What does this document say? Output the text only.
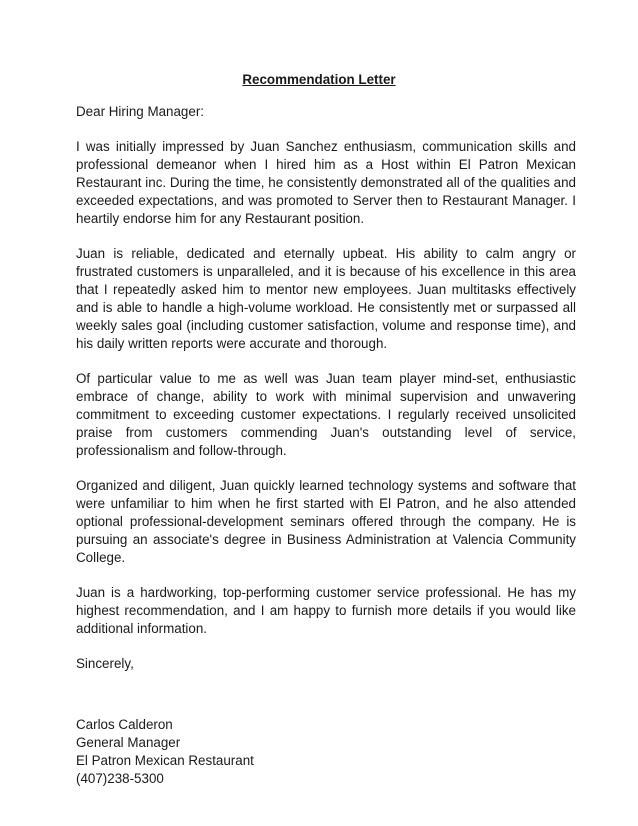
Recommendation Letter

Dear Hiring Manager:

I was initially impressed by Juan Sanchez enthusiasm, communication skills and professional demeanor when I hired him as a Host within El Patron Mexican Restaurant inc. During the time, he consistently demonstrated all of the qualities and exceeded expectations, and was promoted to Server then to Restaurant Manager. I heartily endorse him for any Restaurant position.

Juan is reliable, dedicated and eternally upbeat. His ability to calm angry or frustrated customers is unparalleled, and it is because of his excellence in this area that I repeatedly asked him to mentor new employees. Juan multitasks effectively and is able to handle a high-volume workload. He consistently met or surpassed all weekly sales goal (including customer satisfaction, volume and response time), and his daily written reports were accurate and thorough.

Of particular value to me as well was Juan team player mind-set, enthusiastic embrace of change, ability to work with minimal supervision and unwavering commitment to exceeding customer expectations. I regularly received unsolicited praise from customers commending Juan's outstanding level of service, professionalism and follow-through.

Organized and diligent, Juan quickly learned technology systems and software that were unfamiliar to him when he first started with El Patron, and he also attended optional professional-development seminars offered through the company. He is pursuing an associate's degree in Business Administration at Valencia Community College.

Juan is a hardworking, top-performing customer service professional. He has my highest recommendation, and I am happy to furnish more details if you would like additional information.

Sincerely,

Carlos Calderon

General Manager

El Patron Mexican Restaurant

(407)238-5300
